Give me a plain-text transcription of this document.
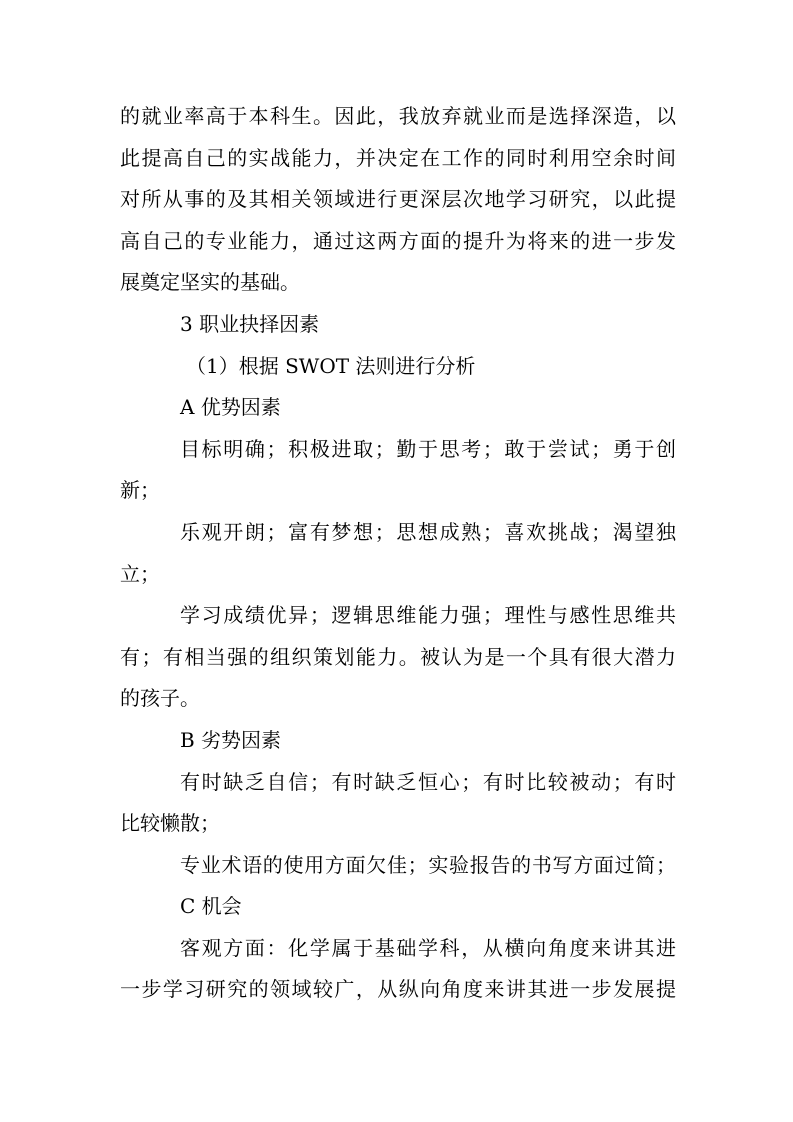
的就业率高于本科生。因此，我放弃就业而是选择深造，以
此提高自己的实战能力，并决定在工作的同时利用空余时间
对所从事的及其相关领域进行更深层次地学习研究，以此提
高自己的专业能力，通过这两方面的提升为将来的进一步发
展奠定坚实的基础。
3 职业抉择因素
（1）根据 SWOT 法则进行分析
A 优势因素
目标明确；积极进取；勤于思考；敢于尝试；勇于创
新；
乐观开朗；富有梦想；思想成熟；喜欢挑战；渴望独
立；
学习成绩优异；逻辑思维能力强；理性与感性思维共
有；有相当强的组织策划能力。被认为是一个具有很大潜力
的孩子。
B 劣势因素
有时缺乏自信；有时缺乏恒心；有时比较被动；有时
比较懒散；
专业术语的使用方面欠佳；实验报告的书写方面过简；
C 机会
客观方面：化学属于基础学科，从横向角度来讲其进
一步学习研究的领域较广，从纵向角度来讲其进一步发展提
